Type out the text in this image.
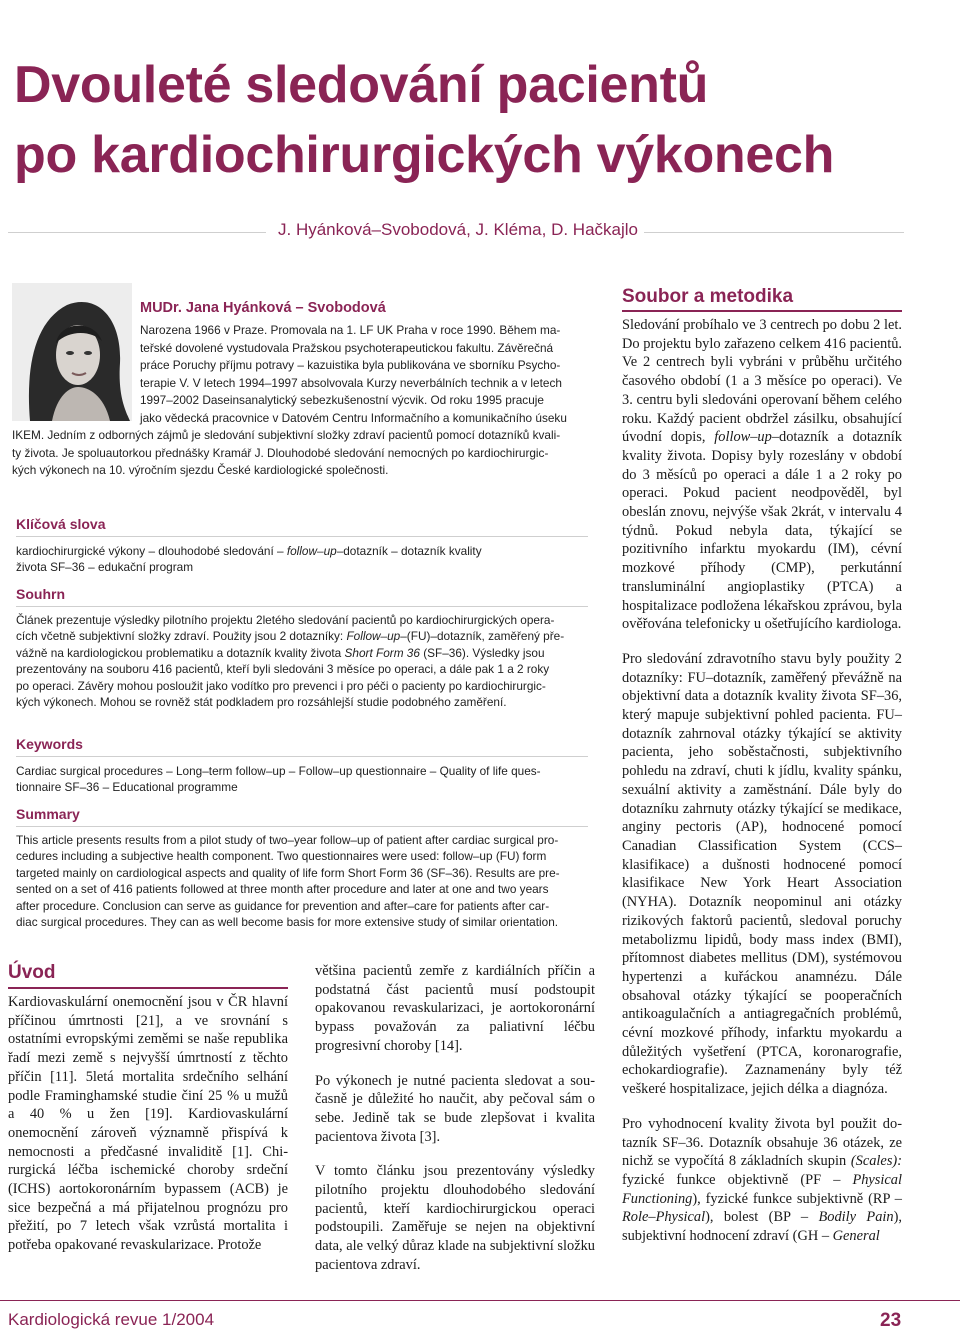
Dvouleté sledování pacientů
po kardiochirurgických výkonech
J. Hyánková–Svobodová, J. Kléma, D. Hačkajlo
MUDr. Jana Hyánková – Svobodová
Narozena 1966 v Praze. Promovala na 1. LF UK Praha v roce 1990. Během ma-
teřské dovolené vystudovala Pražskou psychoterapeutickou fakultu. Závěrečná
práce Poruchy příjmu potravy – kazuistika byla publikována ve sborníku Psycho-
terapie V. V letech 1994–1997 absolvovala Kurzy neverbálních technik a v letech
1997–2002 Daseinsanalytický sebezkušenostní výcvik. Od roku 1995 pracuje
jako vědecká pracovnice v Datovém Centru Informačního a komunikačního úseku
IKEM. Jedním z odborných zájmů je sledování subjektivní složky zdraví pacientů pomocí dotazníků kvali-
ty života. Je spoluautorkou přednášky Kramář J. Dlouhodobé sledování nemocných po kardiochirurgic-
kých výkonech na 10. výročním sjezdu České kardiologické společnosti.
Klíčová slova
kardiochirurgické výkony – dlouhodobé sledování – follow–up–dotazník – dotazník kvality
života SF–36 – edukační program
Souhrn
Článek prezentuje výsledky pilotního projektu 2letého sledování pacientů po kardiochirurgických opera-
cích včetně subjektivní složky zdraví. Použity jsou 2 dotazníky: Follow–up–(FU)–dotazník, zaměřený pře-
vážně na kardiologickou problematiku a dotazník kvality života Short Form 36 (SF–36). Výsledky jsou
prezentovány na souboru 416 pacientů, kteří byli sledováni 3 měsíce po operaci, a dále pak 1 a 2 roky
po operaci. Závěry mohou posloužit jako vodítko pro prevenci i pro péči o pacienty po kardiochirurgic-
kých výkonech. Mohou se rovněž stát podkladem pro rozsáhlejší studie podobného zaměření.
Keywords
Cardiac surgical procedures – Long–term follow–up – Follow–up questionnaire – Quality of life ques-
tionnaire SF–36 – Educational programme
Summary
This article presents results from a pilot study of two–year follow–up of patient after cardiac surgical pro-
cedures including a subjective health component. Two questionnaires were used: follow–up (FU) form
targeted mainly on cardiological aspects and quality of life form Short Form 36 (SF–36). Results are pre-
sented on a set of 416 patients followed at three month after procedure and later at one and two years
after procedure. Conclusion can serve as guidance for prevention and after–care for patients after car-
diac surgical procedures. They can as well become basis for more extensive study of similar orientation.
Úvod

Kardiovaskulární onemocnění jsou v ČR hlavní příčinou úmrtnosti [21], a ve srovnání s ostatními evropskými zeměmi se naše republika řadí mezi země s nejvyšší úmrtností z těchto příčin [11]. 5letá mortalita srdečního selhání podle Framinghamské studie činí 25 % u mužů a 40 % u žen [19]. Kardiovaskulární onemocnění zároveň významně přispívá k nemocnosti a předčasné invaliditě [1]. Chirurgická léčba ischemické choroby srdeční (ICHS) aortokoronárním bypassem (ACB) je sice bezpečná a má přijatelnou prognózu pro přežití, po 7 letech však vzrůstá mortalita i potřeba opakované revaskularizace. Protože

většina pacientů zemře z kardiálních příčin a podstatná část pacientů musí podstoupit opakovanou revaskularizaci, je aortokoronární bypass považován za paliativní léčbu progresivní choroby [14].

Po výkonech je nutné pacienta sledovat a současně je důležité ho naučit, aby pečoval sám o sebe. Jedině tak se bude zlepšovat i kvalita pacientova života [3].

V tomto článku jsou prezentovány výsledky pilotního projektu dlouhodobého sledování pacientů, kteří kardiochirurgickou operaci podstoupili. Zaměřuje se nejen na objektivní data, ale velký důraz klade na subjektivní složku pacientova zdraví.

Soubor a metodika

Sledování probíhalo ve 3 centrech po dobu 2 let. Do projektu bylo zařazeno celkem 416 pacientů. Ve 2 centrech byli vybráni v průběhu určitého časového období (1 a 3 měsíce po operaci). Ve 3. centru byli sledováni operovaní během celého roku. Každý pacient obdržel zásilku, obsahující úvodní dopis, follow–up–dotazník a dotazník kvality života. Dopisy byly rozeslány v období do 3 měsíců po operaci a dále 1 a 2 roky po operaci. Pokud pacient neodpověděl, byl obeslán znovu, nejvýše však 2krát, v intervalu 4 týdnů. Pokud nebyla data, týkající se pozitivního infarktu myokardu (IM), cévní mozkové příhody (CMP), perkutánní transluminální angioplastiky (PTCA) a hospitalizace podložena lékařskou zprávou, byla ověřována telefonicky u ošetřujícího kardiologa.

Pro sledování zdravotního stavu byly použity 2 dotazníky: FU–dotazník, zaměřený převážně na objektivní data a dotazník kvality života SF–36, který mapuje subjektivní pohled pacienta. FU–dotazník zahrnoval otázky týkající se aktivity pacienta, jeho soběstačnosti, subjektivního pohledu na zdraví, chuti k jídlu, kvality spánku, sexuální aktivity a zaměstnání. Dále byly do dotazníku zahrnuty otázky týkající se medikace, anginy pectoris (AP), hodnocené pomocí Canadian Classification System (CCS–klasifikace) a dušnosti hodnocené pomocí klasifikace New York Heart Association (NYHA). Dotazník neopominul ani otázky rizikových faktorů pacientů, sledoval poruchy metabolizmu lipidů, body mass index (BMI), přítomnost diabetes mellitus (DM), systémovou hypertenzi a kuřáckou anamnézu. Dále obsahoval otázky týkající se pooperačních antikoagulačních a antiagregačních problémů, cévní mozkové příhody, infarktu myokardu a důležitých vyšetření (PTCA, koronarografie, echokardiografie). Zaznamenány byly též veškeré hospitalizace, jejich délka a diagnóza.

Pro vyhodnocení kvality života byl použit dotazník SF–36. Dotazník obsahuje 36 otázek, ze nichž se vypočítá 8 základních skupin (Scales): fyzické funkce objektivně (PF – Physical Functioning), fyzické funkce subjektivně (RP – Role–Physical), bolest (BP – Bodily Pain), subjektivní hodnocení zdraví (GH – General

Kardiologická revue 1/2004	23
